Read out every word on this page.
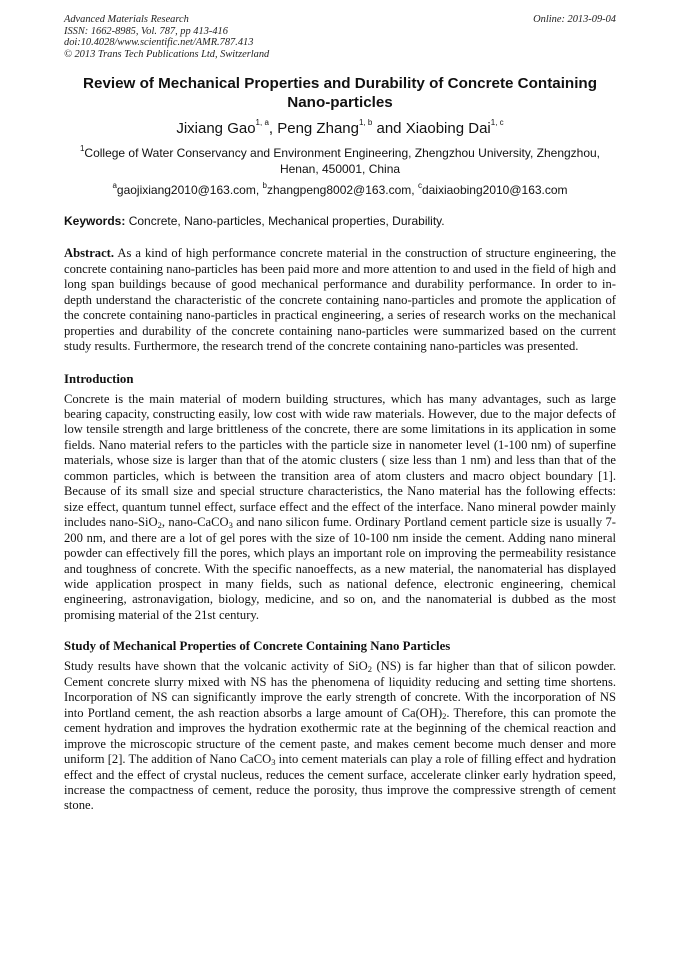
Advanced Materials Research
ISSN: 1662-8985, Vol. 787, pp 413-416
doi:10.4028/www.scientific.net/AMR.787.413
© 2013 Trans Tech Publications Ltd, Switzerland
Online: 2013-09-04
Review of Mechanical Properties and Durability of Concrete Containing Nano-particles
Jixiang Gao$^{1, a}$, Peng Zhang$^{1, b}$ and Xiaobing Dai$^{1, c}$
$^1$College of Water Conservancy and Environment Engineering, Zhengzhou University, Zhengzhou, Henan, 450001, China
$^a$gaojixiang2010@163.com, $^b$zhangpeng8002@163.com, $^c$daixiaobing2010@163.com
Keywords: Concrete, Nano-particles, Mechanical properties, Durability.
Abstract. As a kind of high performance concrete material in the construction of structure engineering, the concrete containing nano-particles has been paid more and more attention to and used in the field of high and long span buildings because of good mechanical performance and durability performance. In order to in-depth understand the characteristic of the concrete containing nano-particles and promote the application of the concrete containing nano-particles in practical engineering, a series of research works on the mechanical properties and durability of the concrete containing nano-particles were summarized based on the current study results. Furthermore, the research trend of the concrete containing nano-particles was presented.
Introduction
Concrete is the main material of modern building structures, which has many advantages, such as large bearing capacity, constructing easily, low cost with wide raw materials. However, due to the major defects of low tensile strength and large brittleness of the concrete, there are some limitations in its application in some fields. Nano material refers to the particles with the particle size in nanometer level (1-100 nm) of superfine materials, whose size is larger than that of the atomic clusters ( size less than 1 nm) and less than that of the common particles, which is between the transition area of atom clusters and macro object boundary [1]. Because of its small size and special structure characteristics, the Nano material has the following effects: size effect, quantum tunnel effect, surface effect and the effect of the interface. Nano mineral powder mainly includes nano-SiO$_2$, nano-CaCO$_3$ and nano silicon fume. Ordinary Portland cement particle size is usually 7-200 nm, and there are a lot of gel pores with the size of 10-100 nm inside the cement. Adding nano mineral powder can effectively fill the pores, which plays an important role on improving the permeability resistance and toughness of concrete. With the specific nanoeffects, as a new material, the nanomaterial has displayed wide application prospect in many fields, such as national defence, electronic engineering, chemical engineering, astronavigation, biology, medicine, and so on, and the nanomaterial is dubbed as the most promising material of the 21st century.
Study of Mechanical Properties of Concrete Containing Nano Particles
Study results have shown that the volcanic activity of SiO$_2$ (NS) is far higher than that of silicon powder. Cement concrete slurry mixed with NS has the phenomena of liquidity reducing and setting time shortens. Incorporation of NS can significantly improve the early strength of concrete. With the incorporation of NS into Portland cement, the ash reaction absorbs a large amount of $Ca(OH)_2$. Therefore, this can promote the cement hydration and improves the hydration exothermic rate at the beginning of the chemical reaction and improve the microscopic structure of the cement paste, and makes cement become much denser and more uniform [2]. The addition of Nano CaCO$_3$ into cement materials can play a role of filling effect and hydration effect and the effect of crystal nucleus, reduces the cement surface, accelerate clinker early hydration speed, increase the compactness of cement, reduce the porosity, thus improve the compressive strength of cement stone.
